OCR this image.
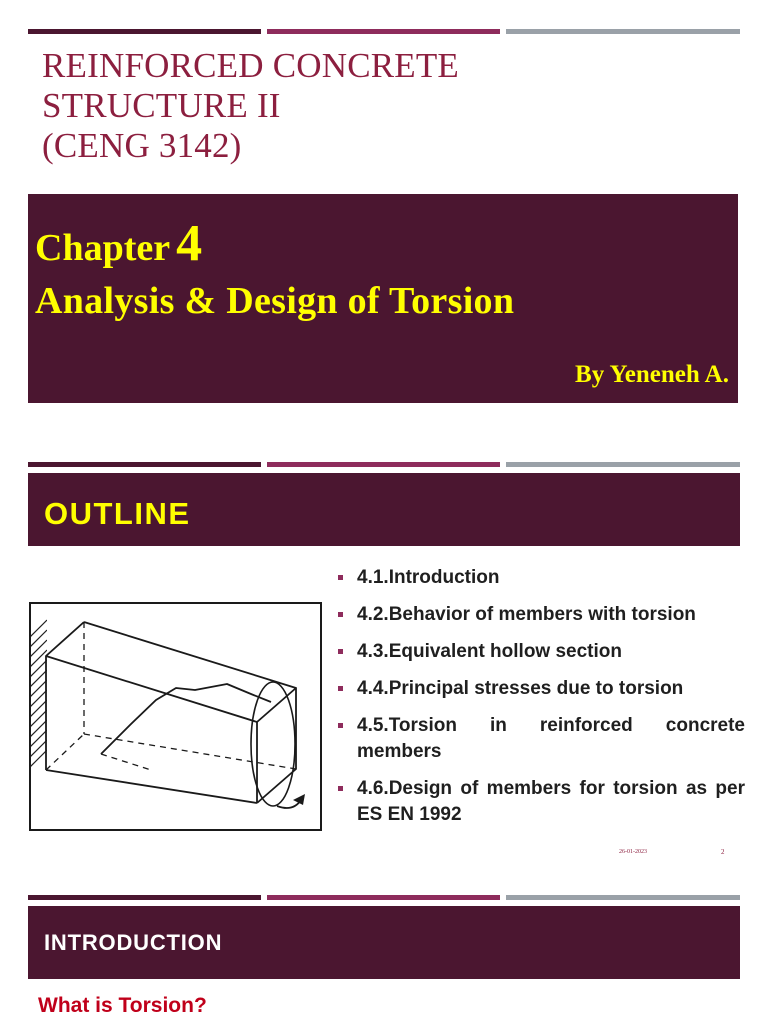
REINFORCED CONCRETE
STRUCTURE II
(CENG 3142)

Chapter 4

Analysis & Design of Torsion

By Yeneneh A.
OUTLINE
4.1.Introduction
4.2.Behavior of members with torsion
4.3.Equivalent hollow section
4.4.Principal stresses due to torsion
4.5.Torsion in reinforced concrete members
4.6.Design of members for torsion as per ES EN 1992
26-01-2023	2
INTRODUCTION

What is Torsion?
